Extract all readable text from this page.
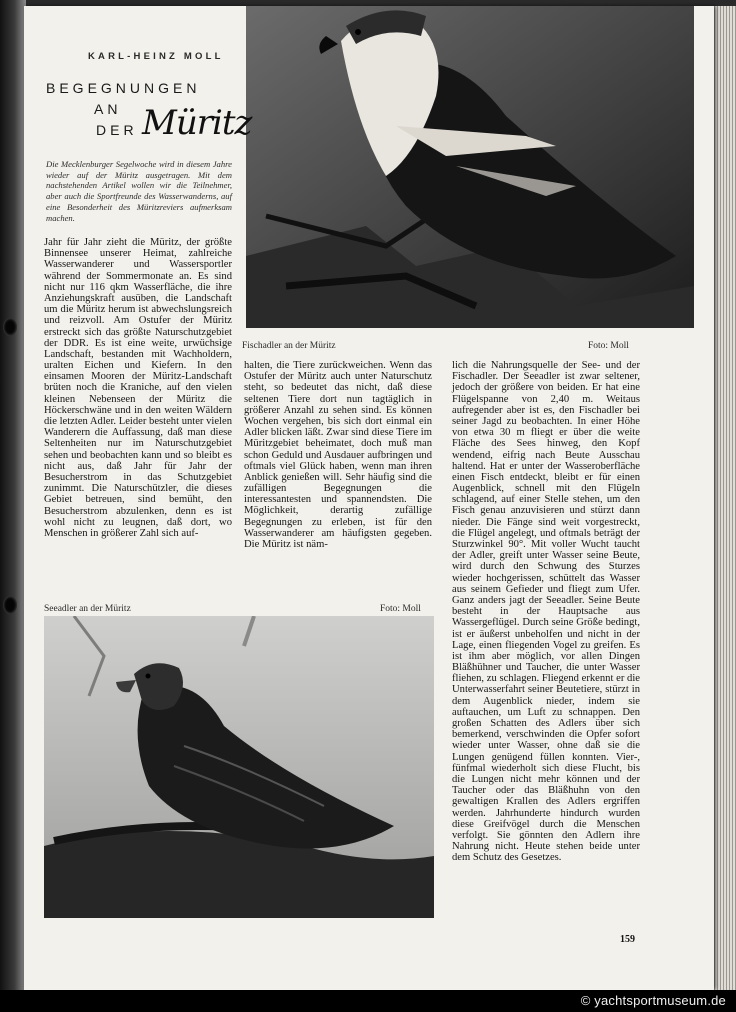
Fischadler an der Müritz	Foto: Moll
KARL-HEINZ MOLL
BEGEGNUNGEN
AN
DER Müritz
Die Mecklenburger Segelwoche wird in diesem Jahre wieder auf der Müritz ausgetragen. Mit dem nachstehenden Artikel wollen wir die Teilnehmer, aber auch die Sportfreunde des Wasserwanderns, auf eine Besonderheit des Müritzreviers aufmerksam machen.
Jahr für Jahr zieht die Müritz, der größte Binnensee unserer Heimat, zahlreiche Wasserwanderer und Wassersportler während der Sommermonate an. Es sind nicht nur 116 qkm Wasserfläche, die ihre Anziehungskraft ausüben, die Landschaft um die Müritz herum ist abwechslungsreich und reizvoll. Am Ostufer der Müritz erstreckt sich das größte Naturschutzgebiet der DDR. Es ist eine weite, urwüchsige Landschaft, bestanden mit Wachholdern, uralten Eichen und Kiefern. In den einsamen Mooren der Müritz-Landschaft brüten noch die Kraniche, auf den vielen kleinen Nebenseen der Müritz die Höckerschwäne und in den weiten Wäldern die letzten Adler. Leider besteht unter vielen Wanderern die Auffassung, daß man diese Seltenheiten nur im Naturschutzgebiet sehen und beobachten kann und so bleibt es nicht aus, daß Jahr für Jahr der Besucherstrom in das Schutzgebiet zunimmt. Die Naturschützler, die dieses Gebiet betreuen, sind bemüht, den Besucherstrom abzulenken, denn es ist wohl nicht zu leugnen, daß dort, wo Menschen in größerer Zahl sich auf-
halten, die Tiere zurückweichen. Wenn das Ostufer der Müritz auch unter Naturschutz steht, so bedeutet das nicht, daß diese seltenen Tiere dort nun tagtäglich in größerer Anzahl zu sehen sind. Es können Wochen vergehen, bis sich dort einmal ein Adler blicken läßt. Zwar sind diese Tiere im Müritzgebiet beheimatet, doch muß man schon Geduld und Ausdauer aufbringen und oftmals viel Glück haben, wenn man ihren Anblick genießen will. Sehr häufig sind die zufälligen Begegnungen die interessantesten und spannendsten. Die Möglichkeit, derartig zufällige Begegnungen zu erleben, ist für den Wasserwanderer am häufigsten gegeben. Die Müritz ist näm-
lich die Nahrungsquelle der See- und der Fischadler. Der Seeadler ist zwar seltener, jedoch der größere von beiden. Er hat eine Flügelspanne von 2,40 m. Weitaus aufregender aber ist es, den Fischadler bei seiner Jagd zu beobachten. In einer Höhe von etwa 30 m fliegt er über die weite Fläche des Sees hinweg, den Kopf wendend, eifrig nach Beute Ausschau haltend. Hat er unter der Wasseroberfläche einen Fisch entdeckt, bleibt er für einen Augenblick, schnell mit den Flügeln schlagend, auf einer Stelle stehen, um den Fisch genau anzuvisieren und stürzt dann nieder. Die Fänge sind weit vorgestreckt, die Flügel angelegt, und oftmals beträgt der Sturzwinkel 90°. Mit voller Wucht taucht der Adler, greift unter Wasser seine Beute, wird durch den Schwung des Sturzes wieder hochgerissen, schüttelt das Wasser aus seinem Gefieder und fliegt zum Ufer. Ganz anders jagt der Seeadler. Seine Beute besteht in der Hauptsache aus Wassergeflügel. Durch seine Größe bedingt, ist er äußerst unbeholfen und nicht in der Lage, einen fliegenden Vogel zu greifen. Es ist ihm aber möglich, vor allen Dingen Bläßhühner und Taucher, die unter Wasser fliehen, zu schlagen. Fliegend erkennt er die Unterwasserfahrt seiner Beutetiere, stürzt in dem Augenblick nieder, indem sie auftauchen, um Luft zu schnappen. Den großen Schatten des Adlers über sich bemerkend, verschwinden die Opfer sofort wieder unter Wasser, ohne daß sie die Lungen genügend füllen konnten. Vier-, fünfmal wiederholt sich diese Flucht, bis die Lungen nicht mehr können und der Taucher oder das Bläßhuhn von den gewaltigen Krallen des Adlers ergriffen werden. Jahrhunderte hindurch wurden diese Greifvögel durch die Menschen verfolgt. Sie gönnten den Adlern ihre Nahrung nicht. Heute stehen beide unter dem Schutz des Gesetzes.
Seeadler an der Müritz	Foto: Moll
159
© yachtsportmuseum.de
